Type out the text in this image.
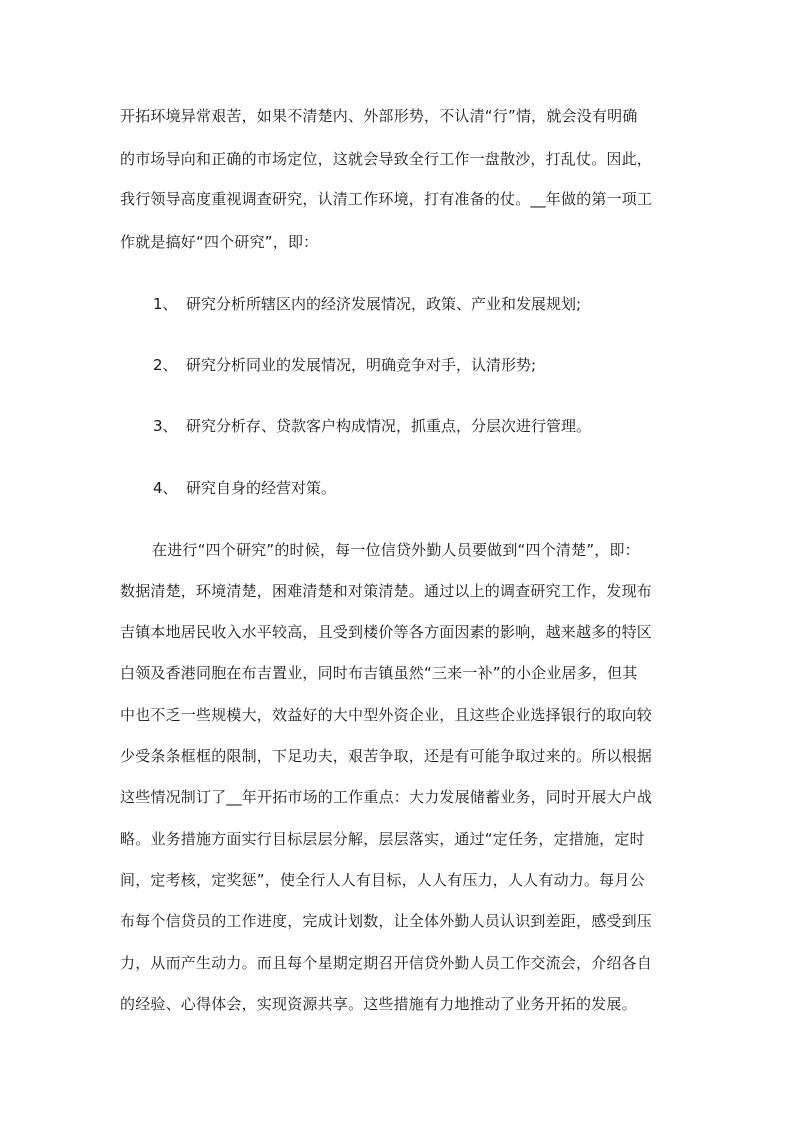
开拓环境异常艰苦，如果不清楚内、外部形势，不认清“行”情，就会没有明确
的市场导向和正确的市场定位，这就会导致全行工作一盘散沙，打乱仗。因此，
我行领导高度重视调查研究，认清工作环境，打有准备的仗。__年做的第一项工
作就是搞好“四个研究”，即：
1、 研究分析所辖区内的经济发展情况，政策、产业和发展规划;
2、 研究分析同业的发展情况，明确竞争对手，认清形势;
3、 研究分析存、贷款客户构成情况，抓重点，分层次进行管理。
4、 研究自身的经营对策。
在进行“四个研究”的时候，每一位信贷外勤人员要做到“四个清楚”，即：
数据清楚，环境清楚，困难清楚和对策清楚。通过以上的调查研究工作，发现布
吉镇本地居民收入水平较高，且受到楼价等各方面因素的影响，越来越多的特区
白领及香港同胞在布吉置业，同时布吉镇虽然“三来一补”的小企业居多，但其
中也不乏一些规模大，效益好的大中型外资企业，且这些企业选择银行的取向较
少受条条框框的限制，下足功夫，艰苦争取，还是有可能争取过来的。所以根据
这些情况制订了__年开拓市场的工作重点：大力发展储蓄业务，同时开展大户战
略。业务措施方面实行目标层层分解，层层落实，通过“定任务，定措施，定时
间，定考核，定奖惩”，使全行人人有目标，人人有压力，人人有动力。每月公
布每个信贷员的工作进度，完成计划数，让全体外勤人员认识到差距，感受到压
力，从而产生动力。而且每个星期定期召开信贷外勤人员工作交流会，介绍各自
的经验、心得体会，实现资源共享。这些措施有力地推动了业务开拓的发展。
